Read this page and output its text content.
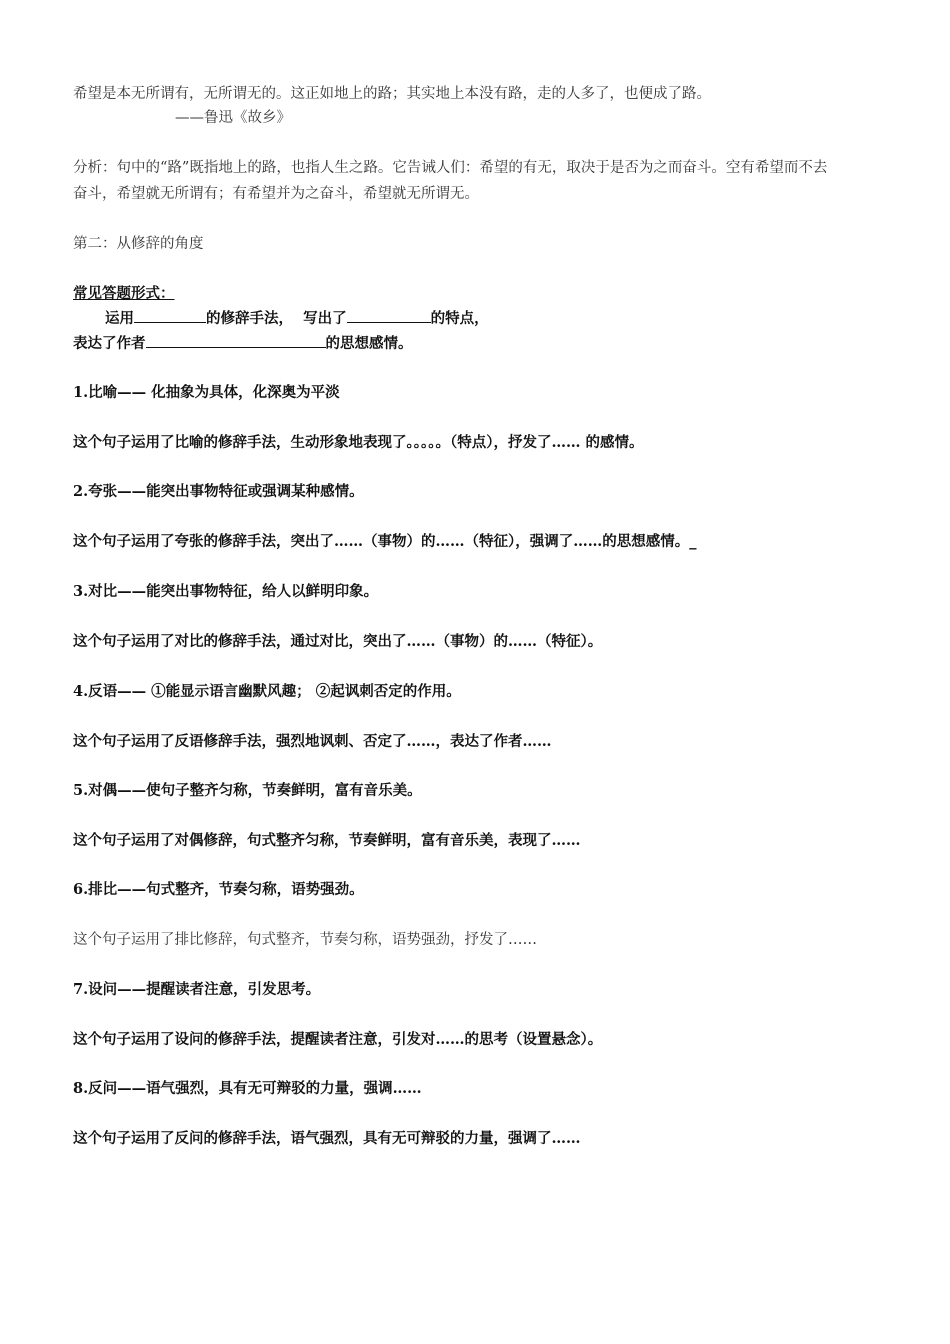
希望是本无所谓有，无所谓无的。这正如地上的路；其实地上本没有路，走的人多了，也便成了路。
——鲁迅《故乡》
分析：句中的“路”既指地上的路，也指人生之路。它告诫人们：希望的有无，取决于是否为之而奋斗。空有希望而不去
奋斗，希望就无所谓有；有希望并为之奋斗，希望就无所谓无。
第二：从修辞的角度
常见答题形式：
运用	的修辞手法， 写出了	的特点，
表达了作者	的思想感情。
1.比喻—— 化抽象为具体，化深奥为平淡
这个句子运用了比喻的修辞手法，生动形象地表现了。。。。。（特点），抒发了…… 的感情。
2.夸张——能突出事物特征或强调某种感情。
这个句子运用了夸张的修辞手法，突出了……（事物）的……（特征），强调了……的思想感情。_
3.对比——能突出事物特征，给人以鲜明印象。
这个句子运用了对比的修辞手法，通过对比，突出了……（事物）的……（特征）。
4.反语—— ①能显示语言幽默风趣； ②起讽刺否定的作用。
这个句子运用了反语修辞手法，强烈地讽刺、否定了……，表达了作者……
5.对偶——使句子整齐匀称，节奏鲜明，富有音乐美。
这个句子运用了对偶修辞，句式整齐匀称，节奏鲜明，富有音乐美，表现了……
6.排比——句式整齐，节奏匀称，语势强劲。
这个句子运用了排比修辞，句式整齐，节奏匀称，语势强劲，抒发了……
7.设问——提醒读者注意，引发思考。
这个句子运用了设问的修辞手法，提醒读者注意，引发对……的思考（设置悬念）。
8.反问——语气强烈，具有无可辩驳的力量，强调……
这个句子运用了反问的修辞手法，语气强烈，具有无可辩驳的力量，强调了……
